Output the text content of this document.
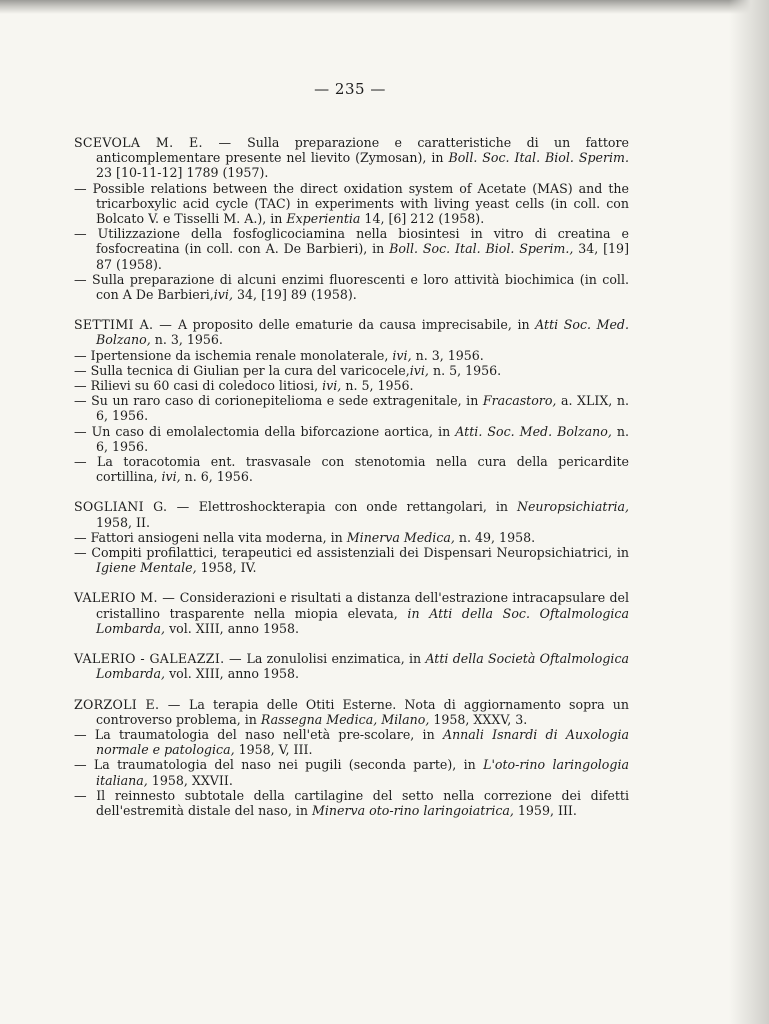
— 235 —
SCEVOLA M. E. — Sulla preparazione e caratteristiche di un fattore anticomplementare presente nel lievito (Zymosan), in Boll. Soc. Ital. Biol. Sperim. 23 [10-11-12] 1789 (1957).
— Possible relations between the direct oxidation system of Acetate (MAS) and the tricarboxylic acid cycle (TAC) in experiments with living yeast cells (in coll. con Bolcato V. e Tisselli M. A.), in Experientia 14, [6] 212 (1958).
— Utilizzazione della fosfoglicociamina nella biosintesi in vitro di creatina e fosfocreatina (in coll. con A. De Barbieri), in Boll. Soc. Ital. Biol. Sperim., 34, [19] 87 (1958).
— Sulla preparazione di alcuni enzimi fluorescenti e loro attività biochimica (in coll. con A De Barbieri,ivi, 34, [19] 89 (1958).
SETTIMI A. — A proposito delle ematurie da causa imprecisabile, in Atti Soc. Med. Bolzano, n. 3, 1956.
— Ipertensione da ischemia renale monolaterale, ivi, n. 3, 1956.
— Sulla tecnica di Giulian per la cura del varicocele,ivi, n. 5, 1956.
— Rilievi su 60 casi di coledoco litiosi, ivi, n. 5, 1956.
— Su un raro caso di corionepitelioma e sede extragenitale, in Fracastoro, a. XLIX, n. 6, 1956.
— Un caso di emolalectomia della biforcazione aortica, in Atti. Soc. Med. Bolzano, n. 6, 1956.
— La toracotomia ent. trasvasale con stenotomia nella cura della pericardite cortillina, ivi, n. 6, 1956.
SOGLIANI G. — Elettroshockterapia con onde rettangolari, in Neuropsichiatria, 1958, II.
— Fattori ansiogeni nella vita moderna, in Minerva Medica, n. 49, 1958.
— Compiti profilattici, terapeutici ed assistenziali dei Dispensari Neuropsichiatrici, in Igiene Mentale, 1958, IV.
VALERIO M. — Considerazioni e risultati a distanza dell'estrazione intracapsulare del cristallino trasparente nella miopia elevata, in Atti della Soc. Oftalmologica Lombarda, vol. XIII, anno 1958.
VALERIO - GALEAZZI. — La zonulolisi enzimatica, in Atti della Società Oftalmologica Lombarda, vol. XIII, anno 1958.
ZORZOLI E. — La terapia delle Otiti Esterne. Nota di aggiornamento sopra un controverso problema, in Rassegna Medica, Milano, 1958, XXXV, 3.
— La traumatologia del naso nell'età pre-scolare, in Annali Isnardi di Auxologia normale e patologica, 1958, V, III.
— La traumatologia del naso nei pugili (seconda parte), in L'oto-rino laringologia italiana, 1958, XXVII.
— Il reinnesto subtotale della cartilagine del setto nella correzione dei difetti dell'estremità distale del naso, in Minerva oto-rino laringoiatrica, 1959, III.
